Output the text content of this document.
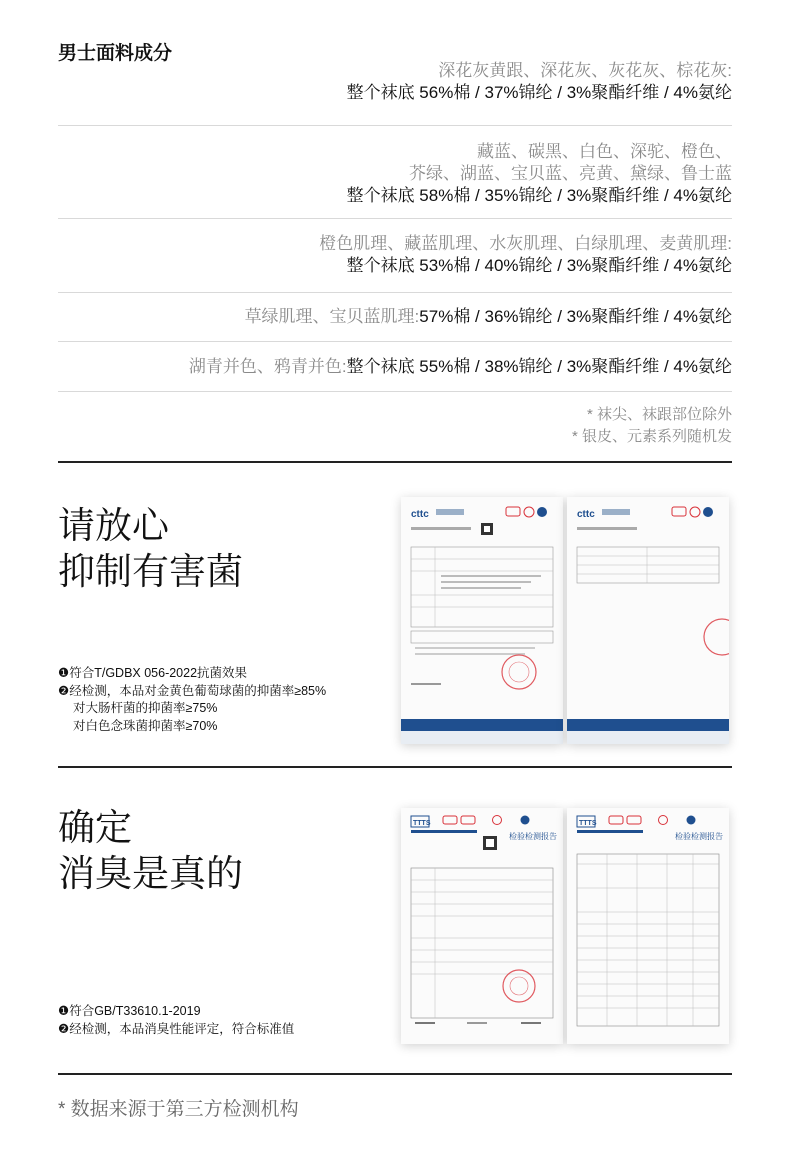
男士面料成分
深花灰黄跟、深花灰、灰花灰、棕花灰:
整个袜底 56%棉 / 37%锦纶 / 3%聚酯纤维 / 4%氨纶
藏蓝、碳黑、白色、深驼、橙色、
芥绿、湖蓝、宝贝蓝、亮黄、黛绿、鲁士蓝
整个袜底 58%棉 / 35%锦纶 / 3%聚酯纤维 / 4%氨纶
橙色肌理、藏蓝肌理、水灰肌理、白绿肌理、麦黄肌理:
整个袜底 53%棉 / 40%锦纶 / 3%聚酯纤维 / 4%氨纶
草绿肌理、宝贝蓝肌理:57%棉 / 36%锦纶 / 3%聚酯纤维 / 4%氨纶
湖青并色、鸦青并色:整个袜底 55%棉 / 38%锦纶 / 3%聚酯纤维 / 4%氨纶
* 袜尖、袜跟部位除外
* 银皮、元素系列随机发
请放心
抑制有害菌
❶符合T/GDBX 056-2022抗菌效果
❷经检测，本品对金黄色葡萄球菌的抑菌率≥85%
对大肠杆菌的抑菌率≥75%
对白色念珠菌抑菌率≥70%
cttc	cttc
确定
消臭是真的
❶符合GB/T33610.1-2019
❷经检测，本品消臭性能评定，符合标准值
TTTS
检验检测报告
TTTS
检验检测报告
* 数据来源于第三方检测机构
